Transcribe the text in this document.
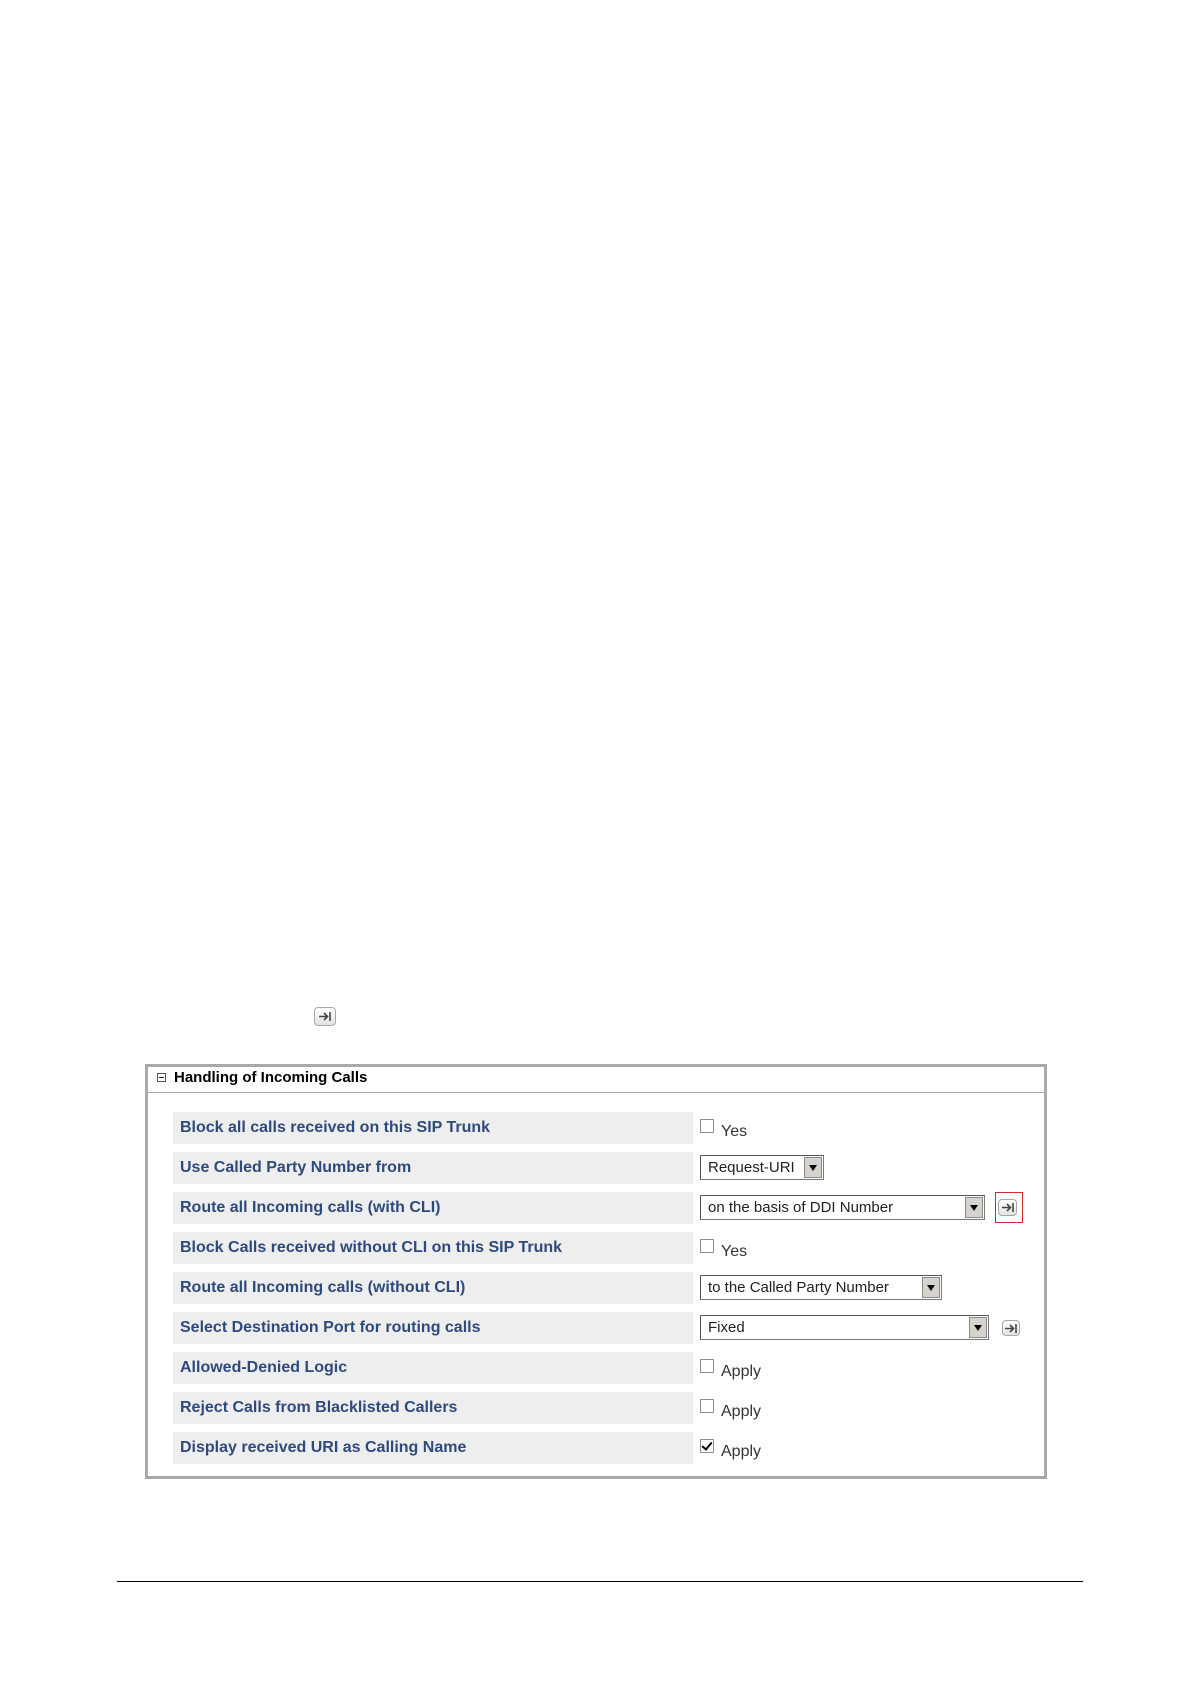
Handling of Incoming Calls
Block all calls received on this SIP Trunk	Yes
Use Called Party Number from	Request-URI
Route all Incoming calls (with CLI)	on the basis of DDI Number
Block Calls received without CLI on this SIP Trunk	Yes
Route all Incoming calls (without CLI)	to the Called Party Number
Select Destination Port for routing calls	Fixed
Allowed-Denied Logic	Apply
Reject Calls from Blacklisted Callers	Apply
Display received URI as Calling Name	Apply
